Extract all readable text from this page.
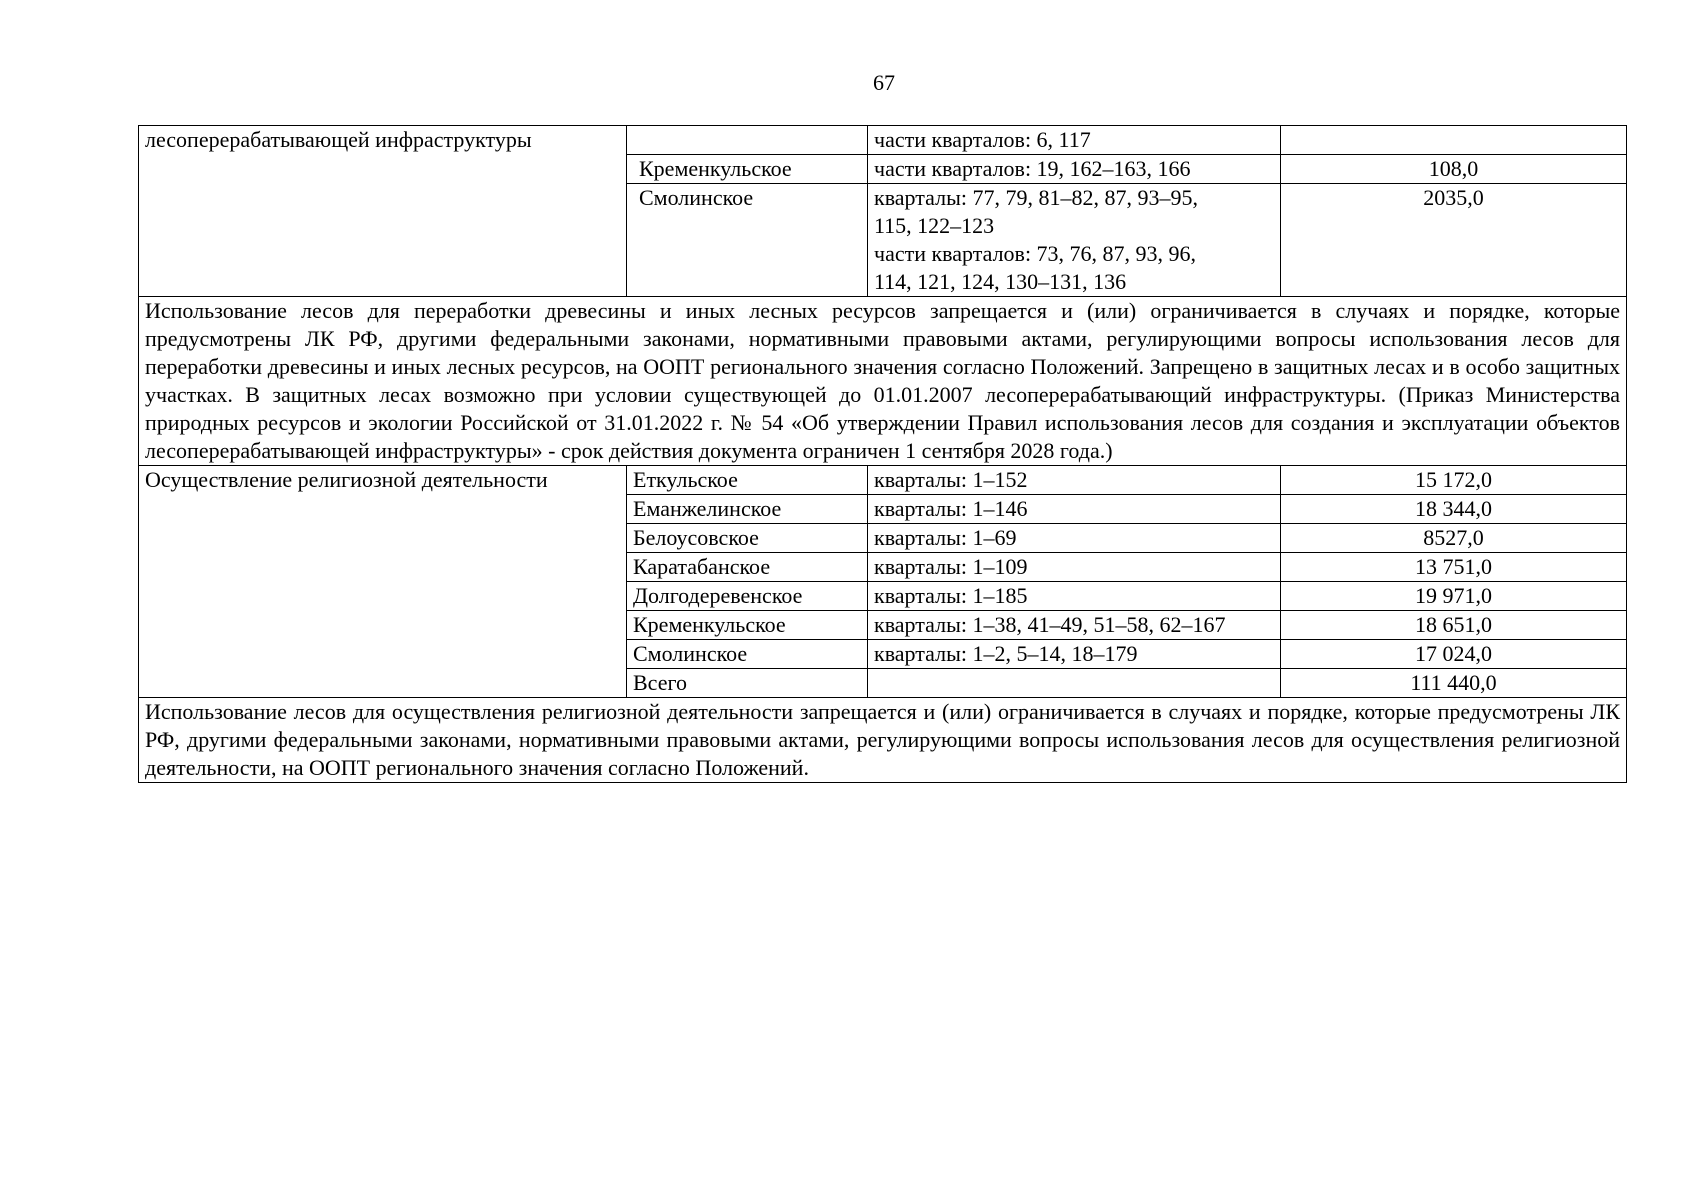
67
лесоперерабатывающей инфраструктуры		части кварталов: 6, 117	

	Кременкульское	части кварталов: 19, 162–163, 166	108,0
	Смолинское	кварталы: 77, 79, 81–82, 87, 93–95,
115, 122–123
части кварталов: 73, 76, 87, 93, 96,
114, 121, 124, 130–131, 136	2035,0
Использование лесов для переработки древесины и иных лесных ресурсов запрещается и (или) ограничивается в случаях и порядке, которые предусмотрены ЛК РФ, другими федеральными законами, нормативными правовыми актами, регулирующими вопросы использования лесов для переработки древесины и иных лесных ресурсов, на ООПТ регионального значения согласно Положений. Запрещено в защитных лесах и в особо защитных участках. В защитных лесах возможно при условии существующей до 01.01.2007 лесоперерабатывающий инфраструктуры. (Приказ Министерства природных ресурсов и экологии Российской от 31.01.2022 г. № 54 «Об утверждении Правил использования лесов для создания и эксплуатации объектов лесоперерабатывающей инфраструктуры» - срок действия документа ограничен 1 сентября 2028 года.)			
Осуществление религиозной деятельности	Еткульское	кварталы: 1–152	15 172,0
	Еманжелинское	кварталы: 1–146	18 344,0
	Белоусовское	кварталы: 1–69	8527,0
	Каратабанское	кварталы: 1–109	13 751,0
	Долгодеревенское	кварталы: 1–185	19 971,0
	Кременкульское	кварталы: 1–38, 41–49, 51–58, 62–167	18 651,0
	Смолинское	кварталы: 1–2, 5–14, 18–179	17 024,0
	Всего		111 440,0
Использование лесов для осуществления религиозной деятельности запрещается и (или) ограничивается в случаях и порядке, которые предусмотрены ЛК РФ, другими федеральными законами, нормативными правовыми актами, регулирующими вопросы использования лесов для осуществления религиозной деятельности, на ООПТ регионального значения согласно Положений.			
